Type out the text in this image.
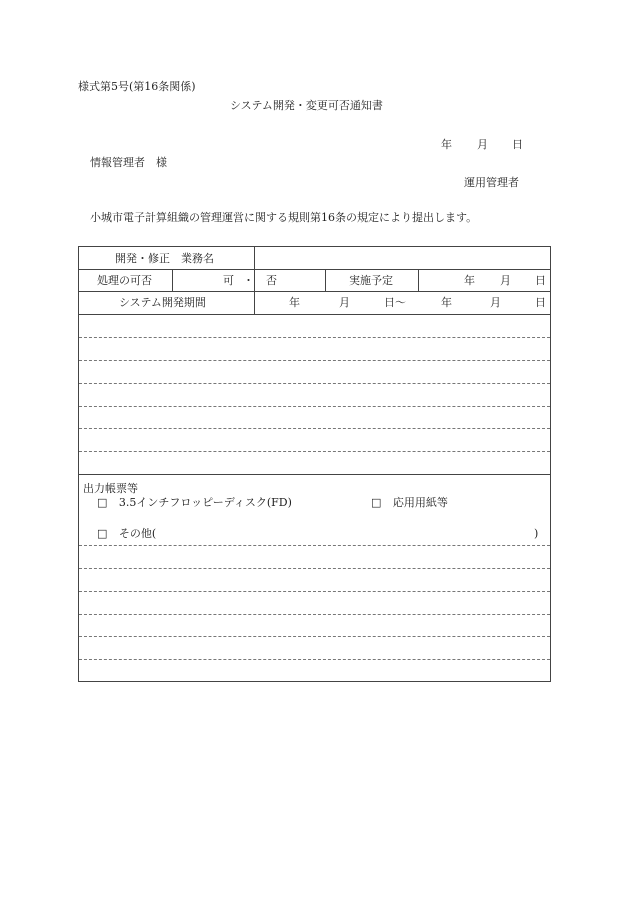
様式第5号(第16条関係)
システム開発・変更可否通知書
年 月 日
情報管理者　様
運用管理者
小城市電子計算組織の管理運営に関する規則第16条の規定により提出します。
開発・修正　業務名
処理の可否	可 ・ 否	実施予定	年 月 日
システム開発期間	年	月	日〜	年	月	日
出力帳票等
□ 3.5インチフロッピーディスク(FD)	□ 応用用紙等
□ その他(	)
